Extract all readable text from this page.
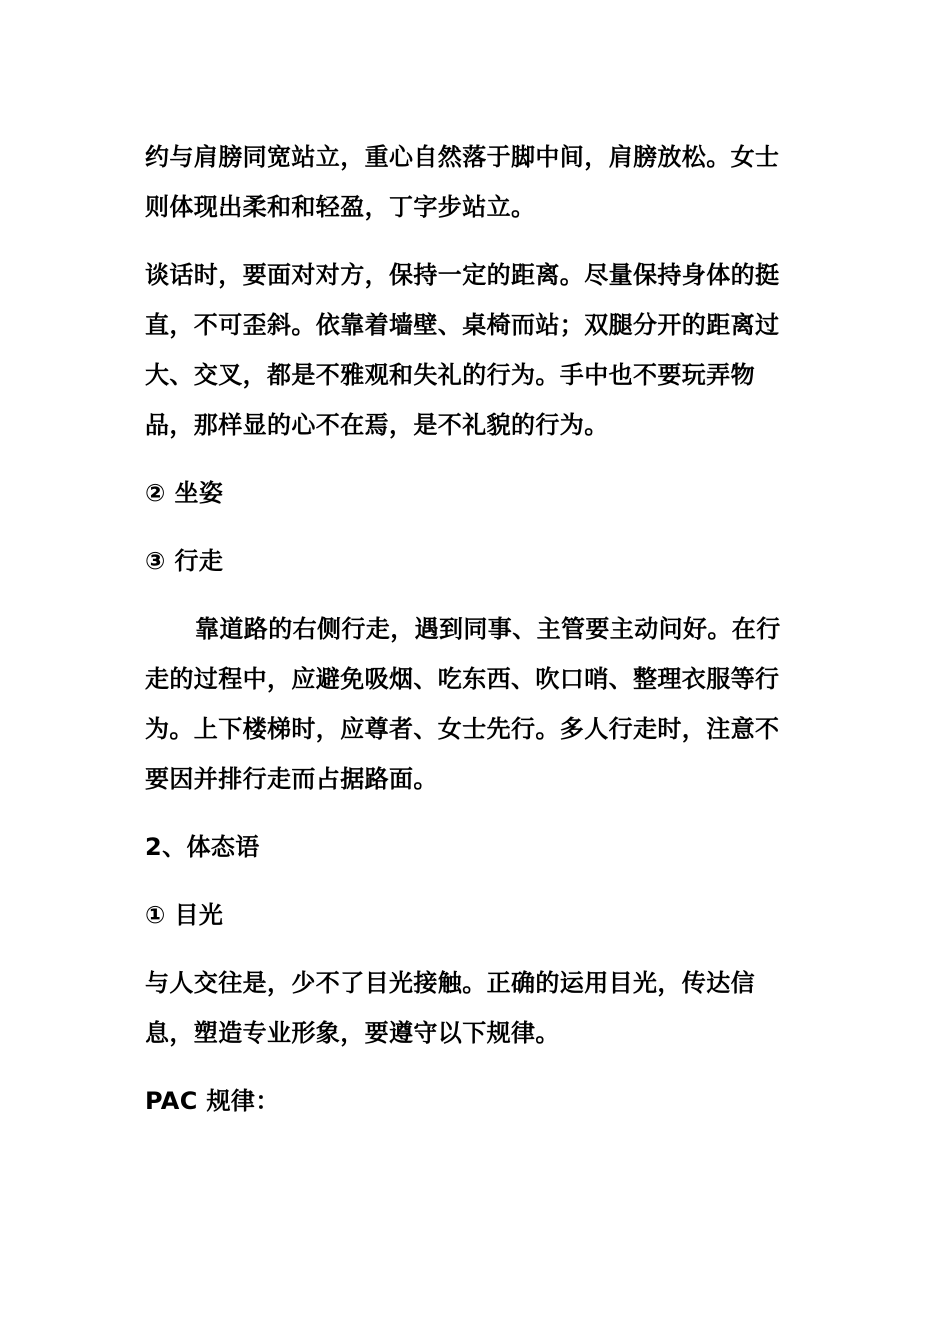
约与肩膀同宽站立，重心自然落于脚中间，肩膀放松。女士则体现出柔和和轻盈，丁字步站立。

谈话时，要面对对方，保持一定的距离。尽量保持身体的挺直，不可歪斜。依靠着墙壁、桌椅而站；双腿分开的距离过大、交叉，都是不雅观和失礼的行为。手中也不要玩弄物品，那样显的心不在焉，是不礼貌的行为。

② 坐姿

③ 行走

靠道路的右侧行走，遇到同事、主管要主动问好。在行走的过程中，应避免吸烟、吃东西、吹口哨、整理衣服等行为。上下楼梯时，应尊者、女士先行。多人行走时，注意不要因并排行走而占据路面。

2、体态语

① 目光

与人交往是，少不了目光接触。正确的运用目光，传达信息，塑造专业形象，要遵守以下规律。

PAC 规律：
